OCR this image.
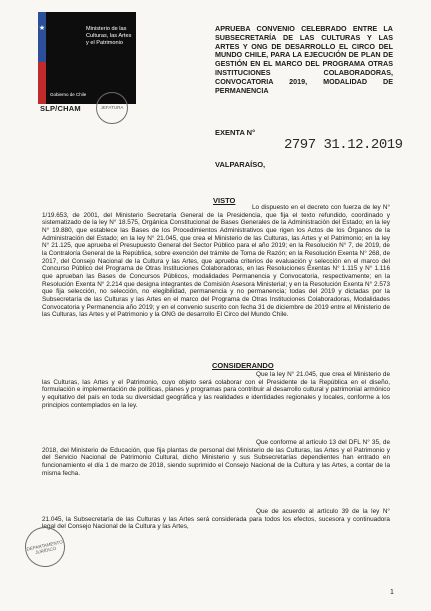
★	Ministerio de las Culturas, las Artes y el Patrimonio
Gobierno de Chile
SLP/CHAM	JEFATURA
APRUEBA CONVENIO CELEBRADO ENTRE LA SUBSECRETARÍA DE LAS CULTURAS Y LAS ARTES Y ONG DE DESARROLLO EL CIRCO DEL MUNDO CHILE, PARA LA EJECUCIÓN DE PLAN DE GESTIÓN EN EL MARCO DEL PROGRAMA OTRAS INSTITUCIONES COLABORADORAS, CONVOCATORIA 2019, MODALIDAD DE PERMANENCIA
EXENTA N°
2797 31.12.2019
VALPARAÍSO,
VISTO
Lo dispuesto en el decreto con fuerza de ley N° 1/19.653, de 2001, del Ministerio Secretaría General de la Presidencia, que fija el texto refundido, coordinado y sistematizado de la ley N° 18.575, Orgánica Constitucional de Bases Generales de la Administración del Estado; en la ley N° 19.880, que establece las Bases de los Procedimientos Administrativos que rigen los Actos de los Órganos de la Administración del Estado; en la ley N° 21.045, que crea el Ministerio de las Culturas, las Artes y el Patrimonio; en la ley N° 21.125, que aprueba el Presupuesto General del Sector Público para el año 2019; en la Resolución N° 7, de 2019, de la Contraloría General de la República, sobre exención del trámite de Toma de Razón; en la Resolución Exenta N° 268, de 2017, del Consejo Nacional de la Cultura y las Artes, que aprueba criterios de evaluación y selección en el marco del Concurso Público del Programa de Otras Instituciones Colaboradoras, en las Resoluciones Exentas N° 1.115 y N° 1.116 que aprueban las Bases de Concursos Públicos, modalidades Permanencia y Convocatoria, respectivamente; en la Resolución Exenta N° 2.214 que designa integrantes de Comisión Asesora Ministerial; y en la Resolución Exenta N° 2.573 que fija selección, no selección, no elegibilidad, permanencia y no permanencia; todas del 2019 y dictadas por la Subsecretaría de las Culturas y las Artes en el marco del Programa de Otras Instituciones Colaboradoras, Modalidades Convocatoria y Permanencia año 2019; y en el convenio suscrito con fecha 31 de diciembre de 2019 entre el Ministerio de las Culturas, las Artes y el Patrimonio y la ONG de desarrollo El Circo del Mundo Chile.
CONSIDERANDO
Que la ley N° 21.045, que crea el Ministerio de las Culturas, las Artes y el Patrimonio, cuyo objeto será colaborar con el Presidente de la República en el diseño, formulación e implementación de políticas, planes y programas para contribuir al desarrollo cultural y patrimonial armónico y equitativo del país en toda su diversidad geográfica y las realidades e identidades regionales y locales, conforme a los principios contemplados en la ley.
Que conforme al artículo 13 del DFL N° 35, de 2018, del Ministerio de Educación, que fija plantas de personal del Ministerio de las Culturas, las Artes y el Patrimonio y del Servicio Nacional de Patrimonio Cultural, dicho Ministerio y sus Subsecretarías dependientes han entrado en funcionamiento el día 1 de marzo de 2018, siendo suprimido el Consejo Nacional de la Cultura y las Artes, a contar de la misma fecha.
Que de acuerdo al artículo 39 de la ley N° 21.045, la Subsecretaría de las Culturas y las Artes será considerada para todos los efectos, sucesora y continuadora legal del Consejo Nacional de la Cultura y las Artes,
DEPARTAMENTO JURÍDICO
1
